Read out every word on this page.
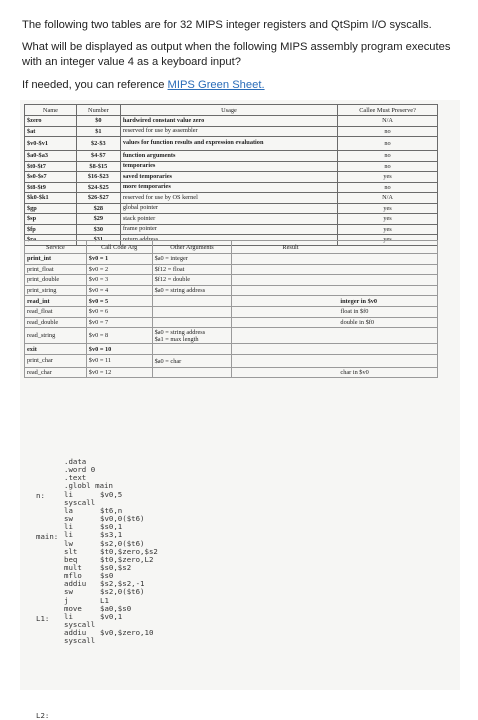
The following two tables are for 32 MIPS integer registers and QtSpim I/O syscalls.
What will be displayed as output when the following MIPS assembly program executes with an integer value 4 as a keyboard input?
If needed, you can reference MIPS Green Sheet.
Name	Number	Usage	Callee Must Preserve?
$zero	$0	hardwired constant value zero	N/A
$at	$1	reserved for use by assembler	no
$v0-$v1	$2-$3	values for function results and expression evaluation	no
$a0-$a3	$4-$7	function arguments	no
$t0-$t7	$8-$15	temporaries	no
$s0-$s7	$16-$23	saved temporaries	yes
$t8-$t9	$24-$25	more temporaries	no
$k0-$k1	$26-$27	reserved for use by OS kernel	N/A
$gp	$28	global pointer	yes
$sp	$29	stack pointer	yes
$fp	$30	frame pointer	yes
$ra	$31	return address	yes
Service	Call Code Arg	Other Arguments	Result
print_int	$v0 = 1	$a0 = integer	
print_float	$v0 = 2	$f12 = float	
print_double	$v0 = 3	$f12 = double	
print_string	$v0 = 4	$a0 = string address	
read_int	$v0 = 5		integer in $v0
read_float	$v0 = 6		float in $f0
read_double	$v0 = 7		double in $f0
read_string	$v0 = 8	$a0 = string address
$a1 = max length	
exit	$v0 = 10		
print_char	$v0 = 11	$a0 = char	
read_char	$v0 = 12		char in $v0
n:
main:
L1:
L2:
.data
.word 0
.text
.globl main
li	$v0,5
syscall
la	$t6,n
sw	$v0,0($t6)
li	$s0,1
li	$s3,1
lw	$s2,0($t6)
slt	$t0,$zero,$s2
beq	$t0,$zero,L2
mult $s0,$s2
mflo $s0
addiu $s2,$s2,-1
sw	$s2,0($t6)
j	L1
move $a0,$s0
li	$v0,1
syscall
addiu $v0,$zero,10
syscall
